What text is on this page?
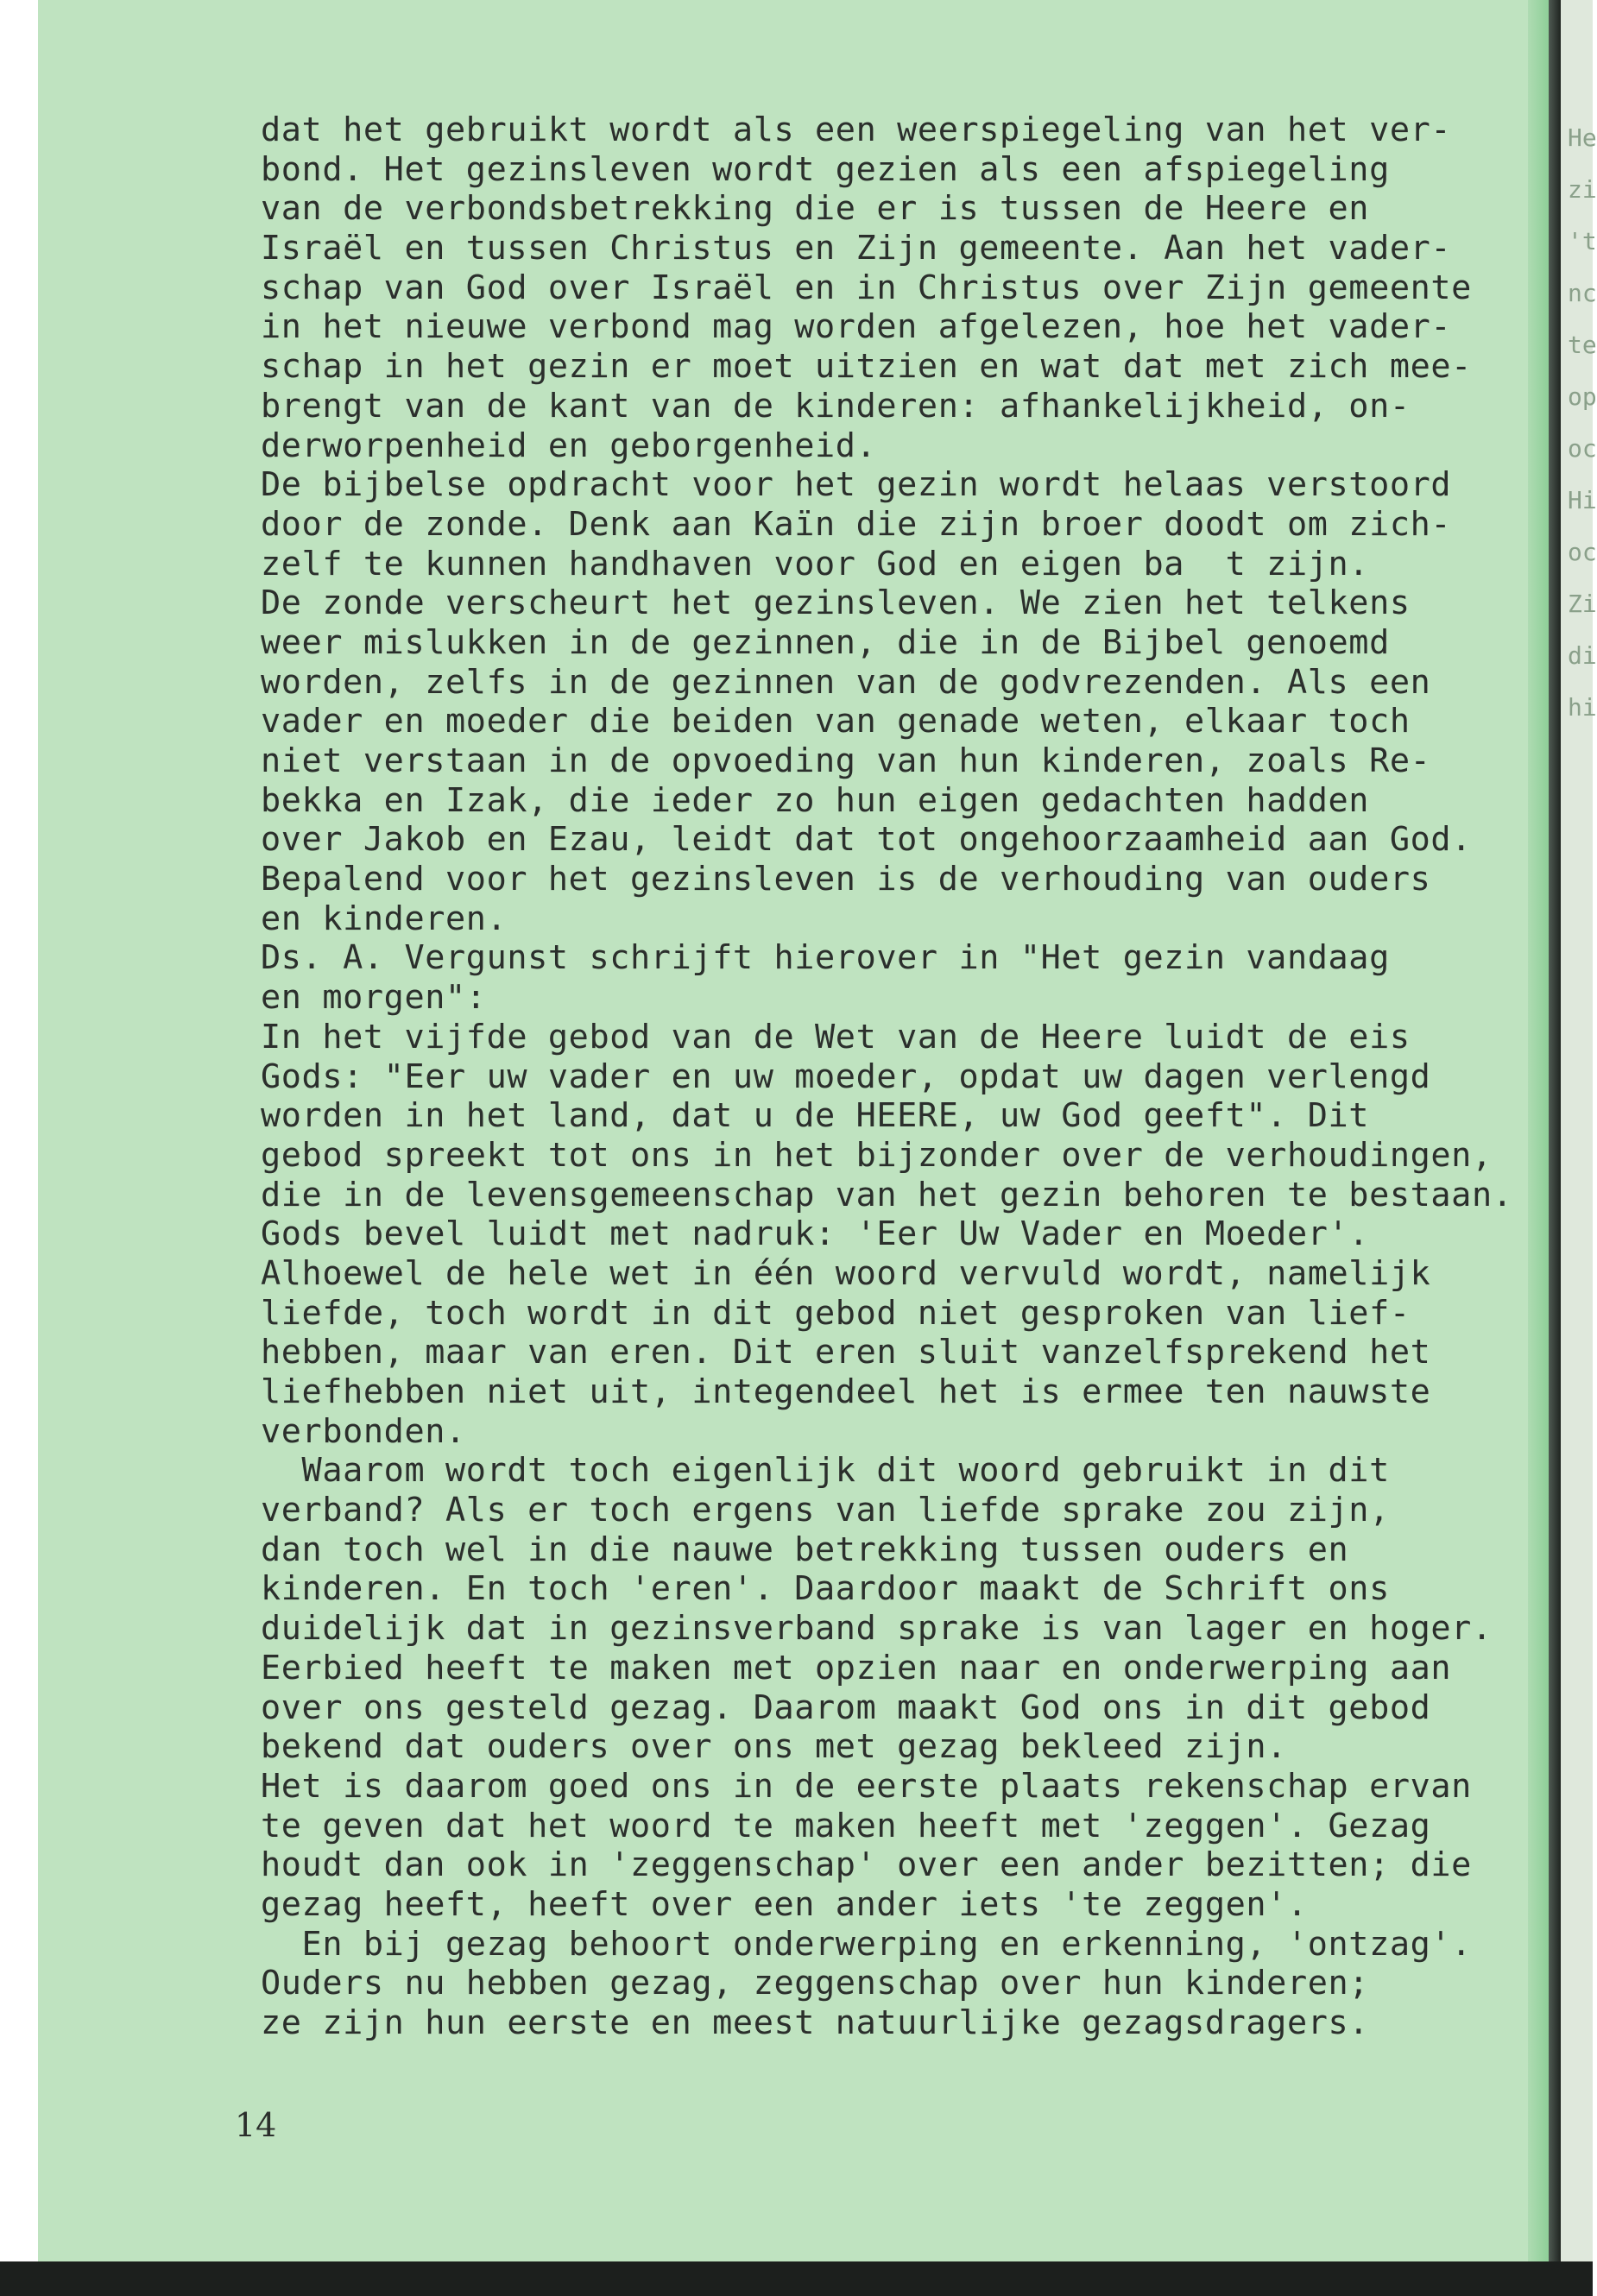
He
zi
't
nc
te
op
oc
Hi
oc
Zi
di
hi
dat het gebruikt wordt als een weerspiegeling van het ver-
bond. Het gezinsleven wordt gezien als een afspiegeling
van de verbondsbetrekking die er is tussen de Heere en
Israël en tussen Christus en Zijn gemeente. Aan het vader-
schap van God over Israël en in Christus over Zijn gemeente
in het nieuwe verbond mag worden afgelezen, hoe het vader-
schap in het gezin er moet uitzien en wat dat met zich mee-
brengt van de kant van de kinderen: afhankelijkheid, on-
derworpenheid en geborgenheid.
De bijbelse opdracht voor het gezin wordt helaas verstoord
door de zonde. Denk aan Kaïn die zijn broer doodt om zich-
zelf te kunnen handhaven voor God en eigen ba  t zijn.
De zonde verscheurt het gezinsleven. We zien het telkens
weer mislukken in de gezinnen, die in de Bijbel genoemd
worden, zelfs in de gezinnen van de godvrezenden. Als een
vader en moeder die beiden van genade weten, elkaar toch
niet verstaan in de opvoeding van hun kinderen, zoals Re-
bekka en Izak, die ieder zo hun eigen gedachten hadden
over Jakob en Ezau, leidt dat tot ongehoorzaamheid aan God.
Bepalend voor het gezinsleven is de verhouding van ouders
en kinderen.
Ds. A. Vergunst schrijft hierover in "Het gezin vandaag
en morgen":
In het vijfde gebod van de Wet van de Heere luidt de eis
Gods: "Eer uw vader en uw moeder, opdat uw dagen verlengd
worden in het land, dat u de HEERE, uw God geeft". Dit
gebod spreekt tot ons in het bijzonder over de verhoudingen,
die in de levensgemeenschap van het gezin behoren te bestaan.
Gods bevel luidt met nadruk: 'Eer Uw Vader en Moeder'.
Alhoewel de hele wet in één woord vervuld wordt, namelijk
liefde, toch wordt in dit gebod niet gesproken van lief-
hebben, maar van eren. Dit eren sluit vanzelfsprekend het
liefhebben niet uit, integendeel het is ermee ten nauwste
verbonden.
Waarom wordt toch eigenlijk dit woord gebruikt in dit
verband? Als er toch ergens van liefde sprake zou zijn,
dan toch wel in die nauwe betrekking tussen ouders en
kinderen. En toch 'eren'. Daardoor maakt de Schrift ons
duidelijk dat in gezinsverband sprake is van lager en hoger.
Eerbied heeft te maken met opzien naar en onderwerping aan
over ons gesteld gezag. Daarom maakt God ons in dit gebod
bekend dat ouders over ons met gezag bekleed zijn.
Het is daarom goed ons in de eerste plaats rekenschap ervan
te geven dat het woord te maken heeft met 'zeggen'. Gezag
houdt dan ook in 'zeggenschap' over een ander bezitten; die
gezag heeft, heeft over een ander iets 'te zeggen'.
En bij gezag behoort onderwerping en erkenning, 'ontzag'.
Ouders nu hebben gezag, zeggenschap over hun kinderen;
ze zijn hun eerste en meest natuurlijke gezagsdragers.
14
